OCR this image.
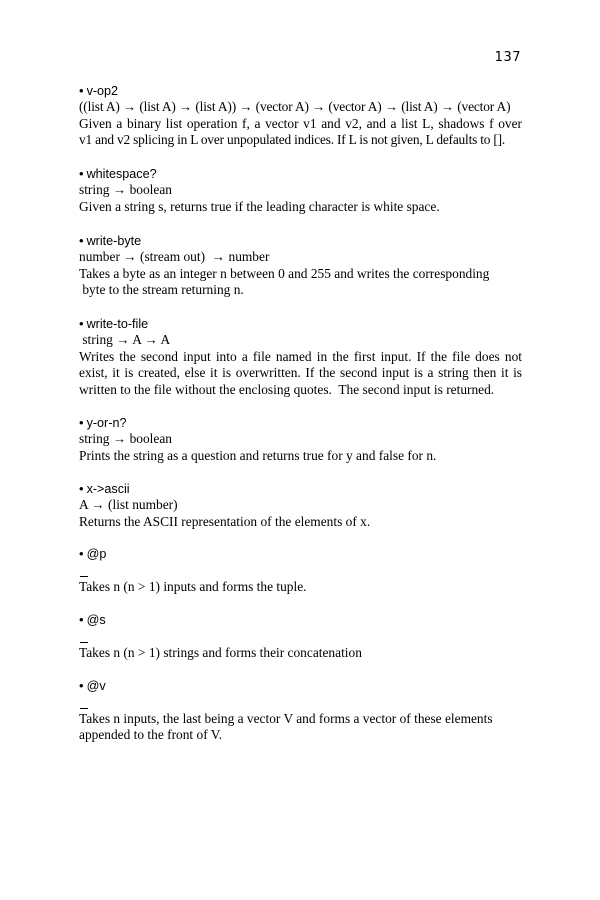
137
• v-op2
((list A) → (list A) → (list A)) → (vector A) → (vector A) → (list A) → (vector A)
Given a binary list operation f, a vector v1 and v2, and a list L, shadows f over
v1 and v2 splicing in L over unpopulated indices. If L is not given, L defaults to [].
• whitespace?
string → boolean
Given a string s, returns true if the leading character is white space.
• write-byte
number → (stream out)  → number
Takes a byte as an integer n between 0 and 255 and writes the corresponding
byte to the stream returning n.
• write-to-file
string → A → A
Writes the second input into a file named in the first input. If the file does not
exist, it is created, else it is overwritten. If the second input is a string then it is
written to the file without the enclosing quotes.  The second input is returned.
• y-or-n?
string → boolean
Prints the string as a question and returns true for y and false for n.
• x->ascii
A → (list number)
Returns the ASCII representation of the elements of x.
• @p
Takes n (n > 1) inputs and forms the tuple.
• @s
Takes n (n > 1) strings and forms their concatenation
• @v
Takes n inputs, the last being a vector V and forms a vector of these elements
appended to the front of V.
